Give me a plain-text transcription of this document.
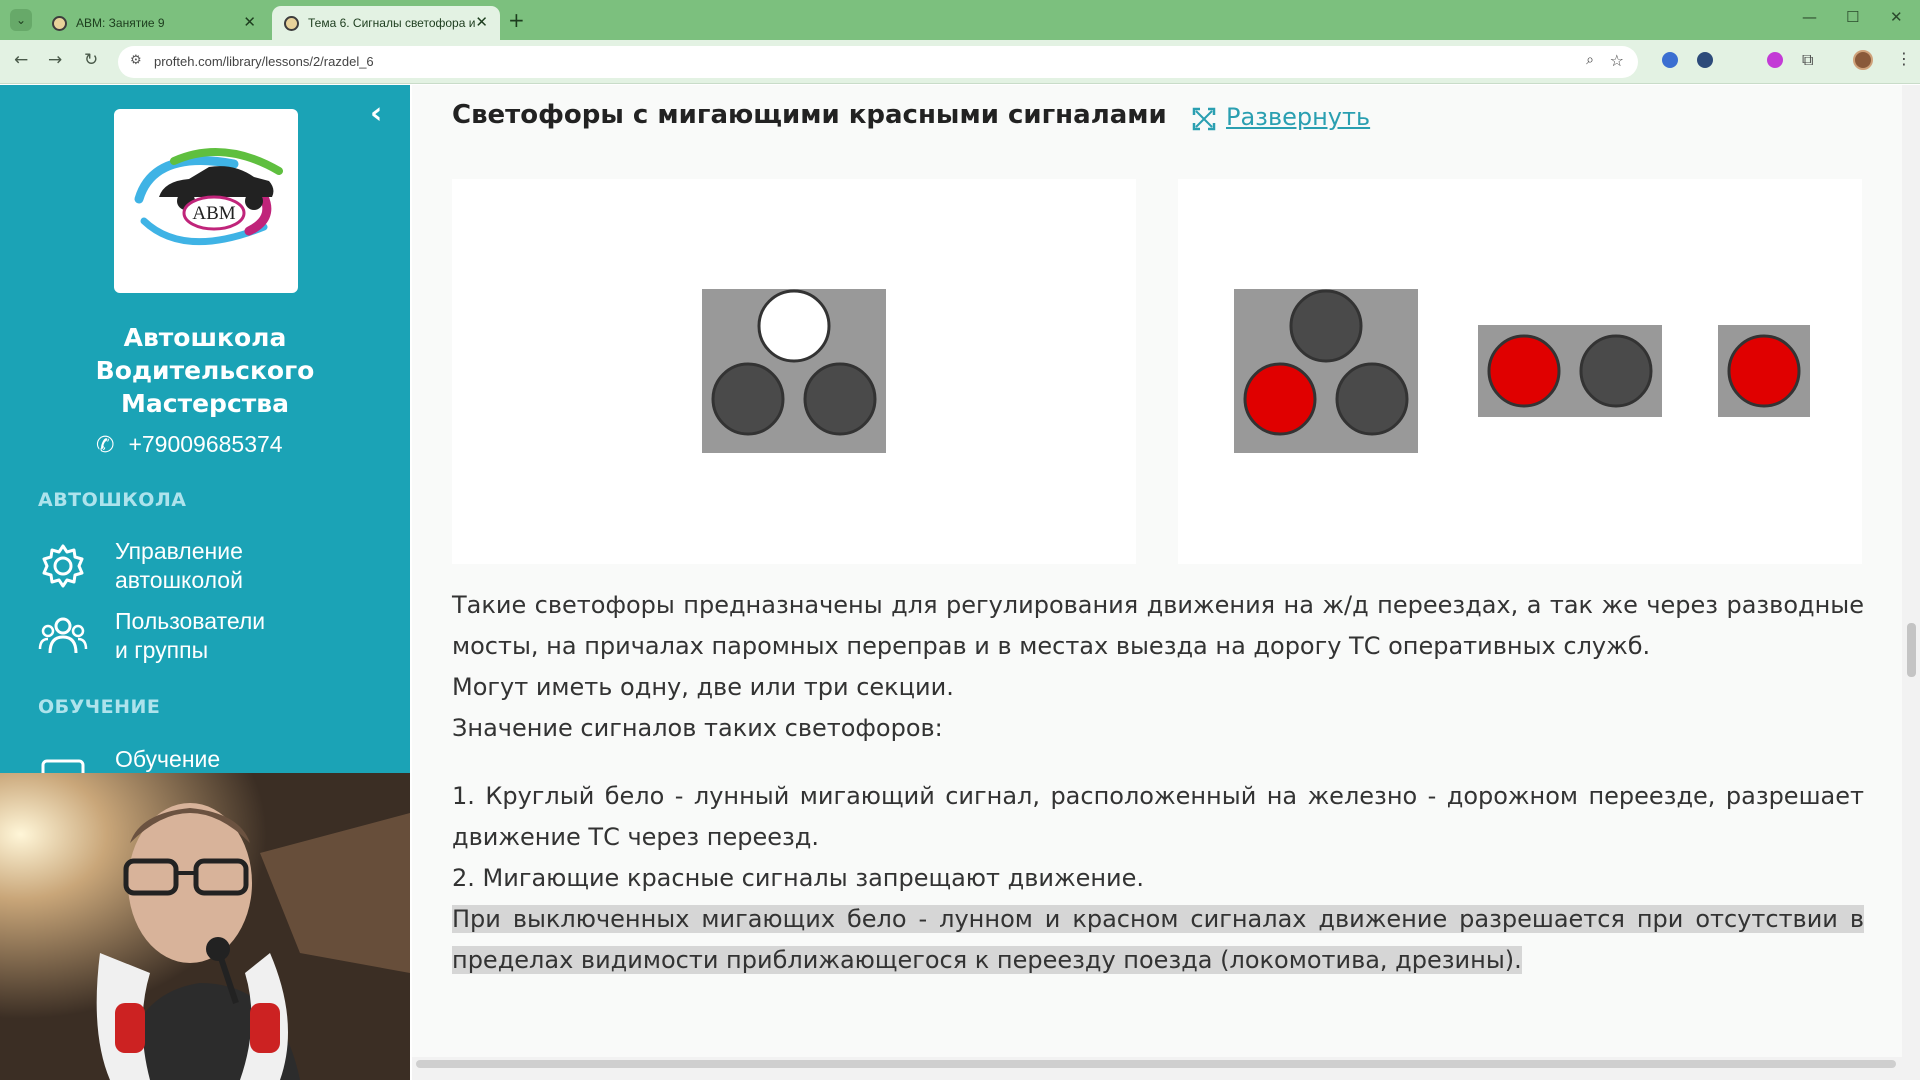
⌄	АВМ: Занятие 9	✕	Тема 6. Сигналы светофора и ✕ +	— ☐ ✕
← → ↻ ⚙ profteh.com/library/lessons/2/razdel_6	⌕ ☆	⧉	⋮
‹
ABM
Автошкола
Водительского
Мастерства
✆ +79009685374
АВТОШКОЛА
Управление
автошколой
Пользователи
и группы
ОБУЧЕНИЕ
Обучение
Светофоры с мигающими красными сигналами Развернуть
Такие светофоры предназначены для регулирования движения на ж/д переездах, а так же через разводные мосты, на причалах паромных переправ и в местах выезда на дорогу ТС оперативных служб.
Могут иметь одну, две или три секции.
Значение сигналов таких светофоров:
1. Круглый бело - лунный мигающий сигнал, расположенный на железно - дорожном переезде, разрешает движение ТС через переезд.
2. Мигающие красные сигналы запрещают движение.
При выключенных мигающих бело - лунном и красном сигналах движение разрешается при отсутствии в пределах видимости приближающегося к переезду поезда (локомотива, дрезины).
